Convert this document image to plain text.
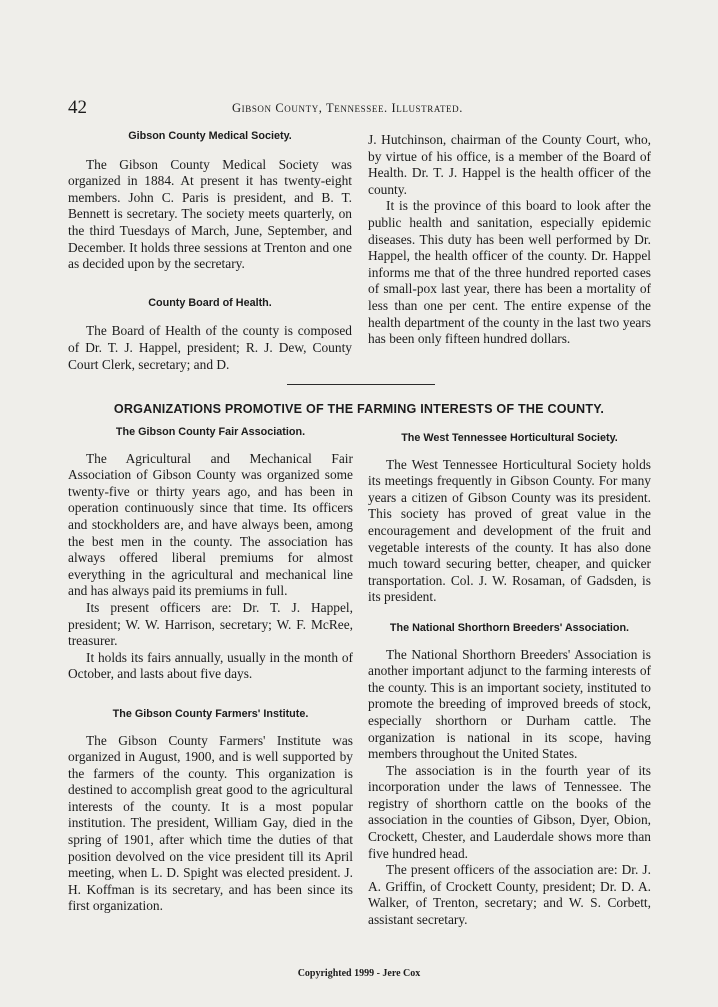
42	Gibson County, Tennessee. Illustrated.
Gibson County Medical Society.

The Gibson County Medical Society was organized in 1884. At present it has twenty-eight members. John C. Paris is president, and B. T. Bennett is secretary. The society meets quarterly, on the third Tuesdays of March, June, September, and December. It holds three sessions at Trenton and one as decided upon by the secretary.

County Board of Health.

The Board of Health of the county is composed of Dr. T. J. Happel, president; R. J. Dew, County Court Clerk, secretary; and D.

J. Hutchinson, chairman of the County Court, who, by virtue of his office, is a member of the Board of Health. Dr. T. J. Happel is the health officer of the county.

It is the province of this board to look after the public health and sanitation, especially epidemic diseases. This duty has been well performed by Dr. Happel, the health officer of the county. Dr. Happel informs me that of the three hundred reported cases of small-pox last year, there has been a mortality of less than one per cent. The entire expense of the health department of the county in the last two years has been only fifteen hundred dollars.

ORGANIZATIONS PROMOTIVE OF THE FARMING INTERESTS OF THE COUNTY.
The Gibson County Fair Association.

The Agricultural and Mechanical Fair Association of Gibson County was organized some twenty-five or thirty years ago, and has been in operation continuously since that time. Its officers and stockholders are, and have always been, among the best men in the county. The association has always offered liberal premiums for almost everything in the agricultural and mechanical line and has always paid its premiums in full.

Its present officers are: Dr. T. J. Happel, president; W. W. Harrison, secretary; W. F. McRee, treasurer.

It holds its fairs annually, usually in the month of October, and lasts about five days.

The Gibson County Farmers' Institute.

The Gibson County Farmers' Institute was organized in August, 1900, and is well supported by the farmers of the county. This organization is destined to accomplish great good to the agricultural interests of the county. It is a most popular institution. The president, William Gay, died in the spring of 1901, after which time the duties of that position devolved on the vice president till its April meeting, when L. D. Spight was elected president. J. H. Koffman is its secretary, and has been since its first organization.

The West Tennessee Horticultural Society.

The West Tennessee Horticultural Society holds its meetings frequently in Gibson County. For many years a citizen of Gibson County was its president. This society has proved of great value in the encouragement and development of the fruit and vegetable interests of the county. It has also done much toward securing better, cheaper, and quicker transportation. Col. J. W. Rosaman, of Gadsden, is its president.

The National Shorthorn Breeders' Association.

The National Shorthorn Breeders' Association is another important adjunct to the farming interests of the county. This is an important society, instituted to promote the breeding of improved breeds of stock, especially shorthorn or Durham cattle. The organization is national in its scope, having members throughout the United States.

The association is in the fourth year of its incorporation under the laws of Tennessee. The registry of shorthorn cattle on the books of the association in the counties of Gibson, Dyer, Obion, Crockett, Chester, and Lauderdale shows more than five hundred head.

The present officers of the association are: Dr. J. A. Griffin, of Crockett County, president; Dr. D. A. Walker, of Trenton, secretary; and W. S. Corbett, assistant secretary.

Copyrighted 1999 - Jere Cox
